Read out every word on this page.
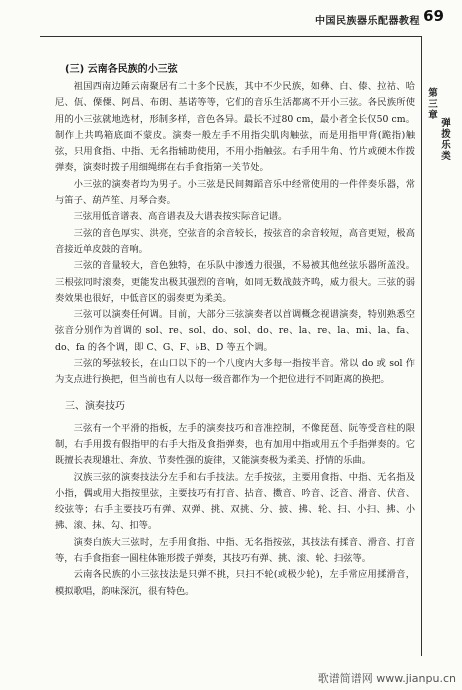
中国民族器乐配器教程 69
第三章
弹拨乐类
(三) 云南各民族的小三弦

祖国西南边陲云南聚居有二十多个民族，其中不少民族，如彝、白、傣、拉祜、哈尼、佤、傈僳、阿昌、布朗、基诺等等，它们的音乐生活都离不开小三弦。各民族所使用的小三弦就地选材，形制多样，音色各异。最长不过80 cm，最小者全长仅50 cm。制作上共鸣箱底面不蒙皮。演奏一般左手不用指尖肌肉触弦，而是用指甲背(跪指)触弦，只用食指、中指、无名指辅助使用，不用小指触弦。右手用牛角、竹片或硬木作拨弹奏，演奏时拨子用细绳绑在右手食指第一关节处。

小三弦的演奏者均为男子。小三弦是民间舞蹈音乐中经常使用的一件伴奏乐器，常与笛子、葫芦笙、月琴合奏。

三弦用低音谱表、高音谱表及大谱表按实际音记谱。

三弦的音色厚实、洪亮，空弦音的余音较长，按弦音的余音较短，高音更短，极高音接近单皮鼓的音响。

三弦的音量较大，音色独特，在乐队中渗透力很强，不易被其他丝弦乐器所盖没。三根弦同时滚奏，更能发出极其强烈的音响，如同无数战鼓齐鸣，威力很大。三弦的弱奏效果也很好，中低音区的弱奏更为柔美。

三弦可以演奏任何调。目前，大部分三弦演奏者以首调概念视谱演奏，特别熟悉空弦音分别作为首调的 sol、re、sol、do、sol、do、re、la、re、la、mi、la、fa、do、fa 的各个调，即 C、G、F、♭B、D 等五个调。

三弦的琴弦较长，在山口以下的一个八度内大多每一指按半音。常以 do 或 sol 作为支点进行换把，但当前也有人以每一级音都作为一个把位进行不同距离的换把。

三、演奏技巧

三弦有一个平滑的指板，左手的演奏技巧和音准控制，不像琵琶、阮等受音柱的限制，右手用拨有假指甲的右手大指及食指弹奏，也有加用中指或用五个手指弹奏的。它既擅长表现雄壮、奔放、节奏性强的旋律，又能演奏极为柔美、抒情的乐曲。

汉族三弦的演奏技法分左手和右手技法。左手按弦，主要用食指、中指、无名指及小指，偶或用大指按里弦，主要技巧有打音、拈音、擞音、吟音、泛音、滑音、伏音、绞弦等；右手主要技巧有弹、双弹、挑、双挑、分、披、拂、轮、扫、小扫、拂、小拂、滚、抹、勾、扣等。

演奏白族大三弦时，左手用食指、中指、无名指按弦，其技法有揉音、滑音、打音等，右手食指套一圆柱体锥形拨子弹奏，其技巧有弹、挑、滚、轮、扫弦等。

云南各民族的小三弦技法是只弹不挑，只扫不轮(或极少轮)，左手常应用揉滑音，模拟歌唱，韵味深沉，很有特色。

歌谱简谱网 www.jianpu.cn
